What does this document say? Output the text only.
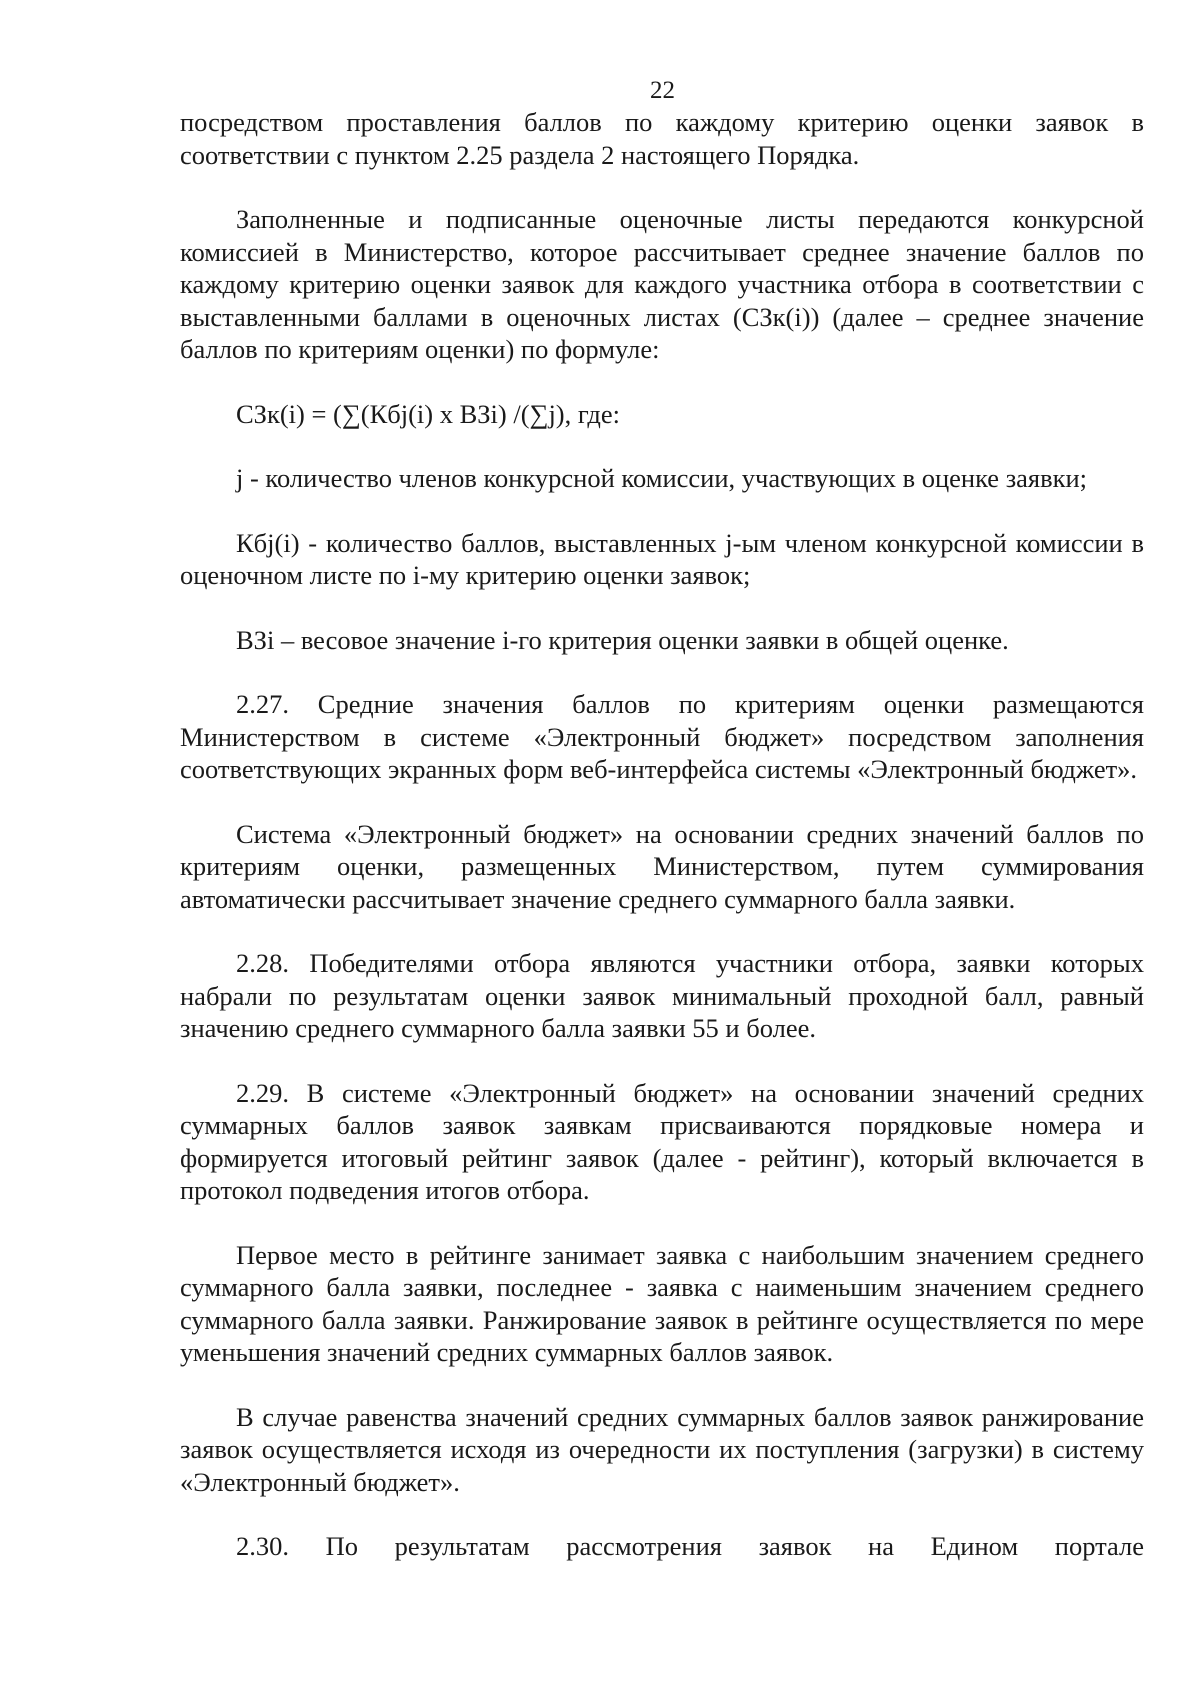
22

посредством проставления баллов по каждому критерию оценки заявок в соответствии с пунктом 2.25 раздела 2 настоящего Порядка.

Заполненные и подписанные оценочные листы передаются конкурсной комиссией в Министерство, которое рассчитывает среднее значение баллов по каждому критерию оценки заявок для каждого участника отбора в соответствии с выставленными баллами в оценочных листах (СЗк(i)) (далее – среднее значение баллов по критериям оценки) по формуле:

СЗк(i) = (∑(Кбj(i) x ВЗi) /(∑j), где:

j - количество членов конкурсной комиссии, участвующих в оценке заявки;

Кбj(i) - количество баллов, выставленных j-ым членом конкурсной комиссии в оценочном листе по i-му критерию оценки заявок;

ВЗi – весовое значение i-го критерия оценки заявки в общей оценке.

2.27. Средние значения баллов по критериям оценки размещаются Министерством в системе «Электронный бюджет» посредством заполнения соответствующих экранных форм веб-интерфейса системы «Электронный бюджет».

Система «Электронный бюджет» на основании средних значений баллов по критериям оценки, размещенных Министерством, путем суммирования автоматически рассчитывает значение среднего суммарного балла заявки.

2.28. Победителями отбора являются участники отбора, заявки которых набрали по результатам оценки заявок минимальный проходной балл, равный значению среднего суммарного балла заявки 55 и более.

2.29. В системе «Электронный бюджет» на основании значений средних суммарных баллов заявок заявкам присваиваются порядковые номера и формируется итоговый рейтинг заявок (далее - рейтинг), который включается в протокол подведения итогов отбора.

Первое место в рейтинге занимает заявка с наибольшим значением среднего суммарного балла заявки, последнее - заявка с наименьшим значением среднего суммарного балла заявки. Ранжирование заявок в рейтинге осуществляется по мере уменьшения значений средних суммарных баллов заявок.

В случае равенства значений средних суммарных баллов заявок ранжирование заявок осуществляется исходя из очередности их поступления (загрузки) в систему «Электронный бюджет».

2.30. По результатам рассмотрения заявок на Едином портале
